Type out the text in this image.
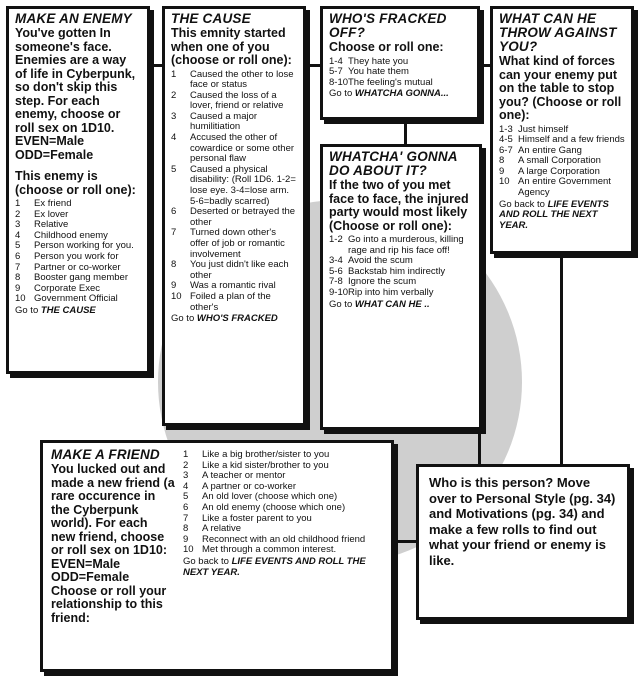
MAKE AN ENEMY
You've gotten In someone's face. Enemies are a way of life in Cyberpunk, so don't skip this step. For each enemy, choose or roll sex on 1D10. EVEN=Male ODD=Female
This enemy is (choose or roll one):
1	Ex friend
2	Ex lover
3	Relative
4	Childhood enemy
5	Person working for you.
6	Person you work for
7	Partner or co-worker
8	Booster gang member
9	Corporate Exec
10 Government Official
Go to THE CAUSE
THE CAUSE
This emnity started when one of you (choose or roll one):
1	Caused the other to lose face or status
2	Caused the loss of a lover, friend or relative
3	Caused a major humilitiation
4	Accused the other of cowardice or some other personal flaw
5	Caused a physical disability: (Roll 1D6. 1-2= lose eye. 3-4=lose arm. 5-6=badly scarred)
6	Deserted or betrayed the other
7	Turned down other's offer of job or romantic involvement
8	You just didn't like each other
9	Was a romantic rival
10 Foiled a plan of the other's
Go to WHO'S FRACKED
WHO'S FRACKED OFF?
Choose or roll one:
1-4 They hate you
5-7 You hate them
8-10 The feeling's mutual
Go to WHATCHA GONNA...
WHATCHA' GONNA DO ABOUT IT?
If the two of you met face to face, the injured party would most likely (Choose or roll one):
1-2 Go into a murderous, killing rage and rip his face off!
3-4 Avoid the scum
5-6 Backstab him indirectly
7-8 Ignore the scum
9-10 Rip into him verbally
Go to WHAT CAN HE ..
WHAT CAN HE THROW AGAINST YOU?
What kind of forces can your enemy put on the table to stop you? (Choose or roll one):
1-3 Just himself
4-5 Himself and a few friends
6-7 An entire Gang
8	A small Corporation
9	A large Corporation
10 An entire Government Agency
Go back to LIFE EVENTS AND ROLL THE NEXT YEAR.
MAKE A FRIEND
You lucked out and made a new friend (a rare occurence in the Cyberpunk world). For each new friend, choose or roll sex on 1D10: EVEN=Male ODD=Female Choose or roll your relationship to this friend:
1	Like a big brother/sister to you
2	Like a kid sister/brother to you
3	A teacher or mentor
4	A partner or co-worker
5	An old lover (choose which one)
6	An old enemy (choose which one)
7	Like a foster parent to you
8	A relative
9	Reconnect with an old childhood friend
10 Met through a common interest.
Go back to LIFE EVENTS AND ROLL THE NEXT YEAR.
Who is this person? Move over to Personal Style (pg. 34) and Motivations (pg. 34) and make a few rolls to find out what your friend or enemy is like.
